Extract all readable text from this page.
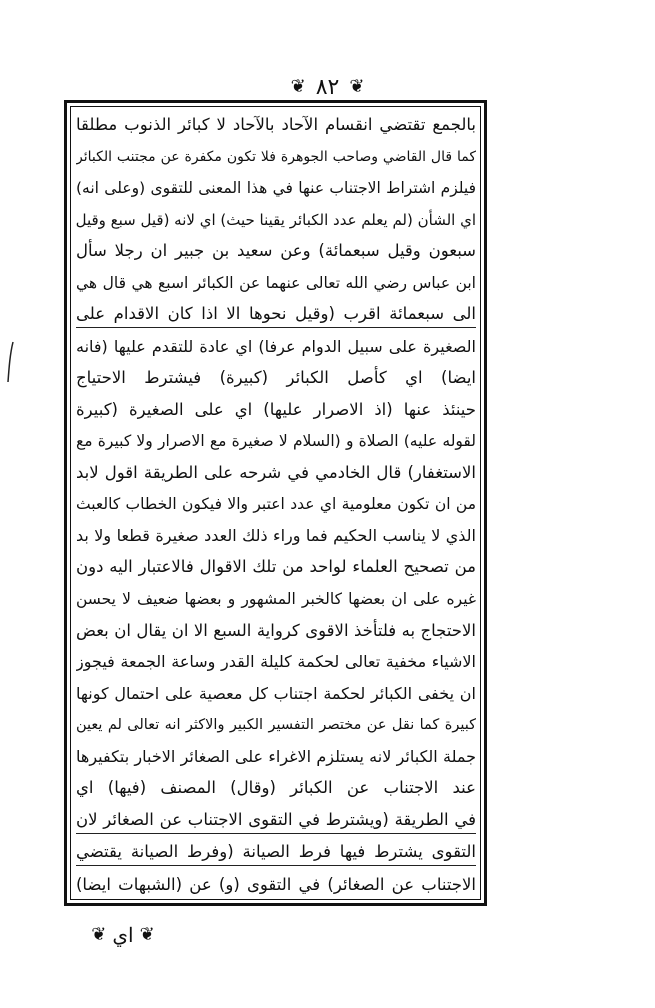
❦
٨٢
❦
بالجمع تقتضي انقسام الآحاد بالآحاد لا كبائر الذنوب مطلقا
كما قال القاضي وصاحب الجوهرة فلا تكون مكفرة عن مجتنب الكبائر
فيلزم اشتراط الاجتناب عنها في هذا المعنى للتقوى (وعلى انه)
اي الشأن (لم يعلم عدد الكبائر يقينا حيث) اي لانه (قيل سبع وقيل
سبعون وقيل سبعمائة) وعن سعيد بن جبير ان رجلا سأل
ابن عباس رضي الله تعالى عنهما عن الكبائر اسبع هي قال هي
الى سبعمائة اقرب (وقيل نحوها الا اذا كان الاقدام على
الصغيرة على سبيل الدوام عرفا) اي عادة للتقدم عليها (فانه
ايضا) اي كأصل الكبائر (كبيرة) فيشترط الاحتياج
حينئذ عنها (اذ الاصرار عليها) اي على الصغيرة (كبيرة
لقوله عليه) الصلاة و (السلام لا صغيرة مع الاصرار ولا كبيرة مع
الاستغفار) قال الخادمي في شرحه على الطريقة اقول لابد
من ان تكون معلومية اي عدد اعتبر والا فيكون الخطاب كالعبث
الذي لا يناسب الحكيم فما وراء ذلك العدد صغيرة قطعا ولا بد
من تصحيح العلماء لواحد من تلك الاقوال فالاعتبار اليه دون
غيره على ان بعضها كالخبر المشهور و بعضها ضعيف لا يحسن
الاحتجاج به فلتأخذ الاقوى كرواية السبع الا ان يقال ان بعض
الاشياء مخفية تعالى لحكمة كليلة القدر وساعة الجمعة فيجوز
ان يخفى الكبائر لحكمة اجتناب كل معصية على احتمال كونها
كبيرة كما نقل عن مختصر التفسير الكبير والاكثر انه تعالى لم يعين
جملة الكبائر لانه يستلزم الاغراء على الصغائر الاخبار بتكفيرها
عند الاجتناب عن الكبائر (وقال) المصنف (فيها) اي
في الطريقة (ويشترط في التقوى الاجتناب عن الصغائر لان
التقوى يشترط فيها فرط الصيانة (وفرط الصيانة يقتضي
الاجتناب عن الصغائر) في التقوى (و) عن (الشبهات ايضا)
❦
اي
❦
